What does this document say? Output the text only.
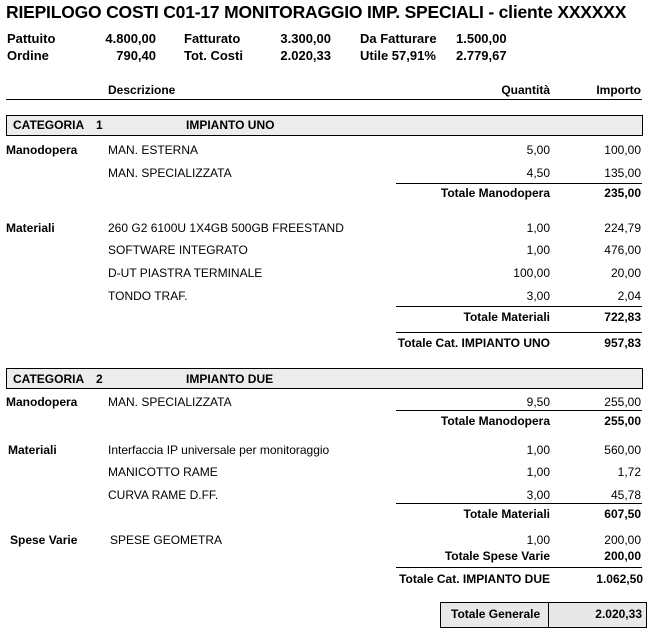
RIEPILOGO COSTI C01-17 MONITORAGGIO IMP. SPECIALI - cliente XXXXXX
Pattuito	4.800,00 Fatturato	3.300,00 Da Fatturare 1.500,00
Ordine	790,40 Tot. Costi	2.020,33 Utile 57,91% 2.779,67
Descrizione	Quantità	Importo
CATEGORIA 1	IMPIANTO UNO
Manodopera	MAN. ESTERNA	5,00	100,00
MAN. SPECIALIZZATA	4,50	135,00
Totale Manodopera	235,00
Materiali	260 G2 6100U 1X4GB 500GB FREESTAND	1,00	224,79
SOFTWARE INTEGRATO	1,00	476,00
D-UT PIASTRA TERMINALE	100,00	20,00
TONDO TRAF.	3,00	2,04
Totale Materiali	722,83
Totale Cat. IMPIANTO UNO	957,83
CATEGORIA 2	IMPIANTO DUE
Manodopera	MAN. SPECIALIZZATA	9,50	255,00
Totale Manodopera	255,00
Materiali	Interfaccia IP universale per monitoraggio	1,00	560,00
MANICOTTO RAME	1,00	1,72
CURVA RAME D.FF.	3,00	45,78
Totale Materiali	607,50
Spese Varie	SPESE GEOMETRA	1,00	200,00
Totale Spese Varie	200,00
Totale Cat. IMPIANTO DUE	1.062,50
Totale Generale	2.020,33
